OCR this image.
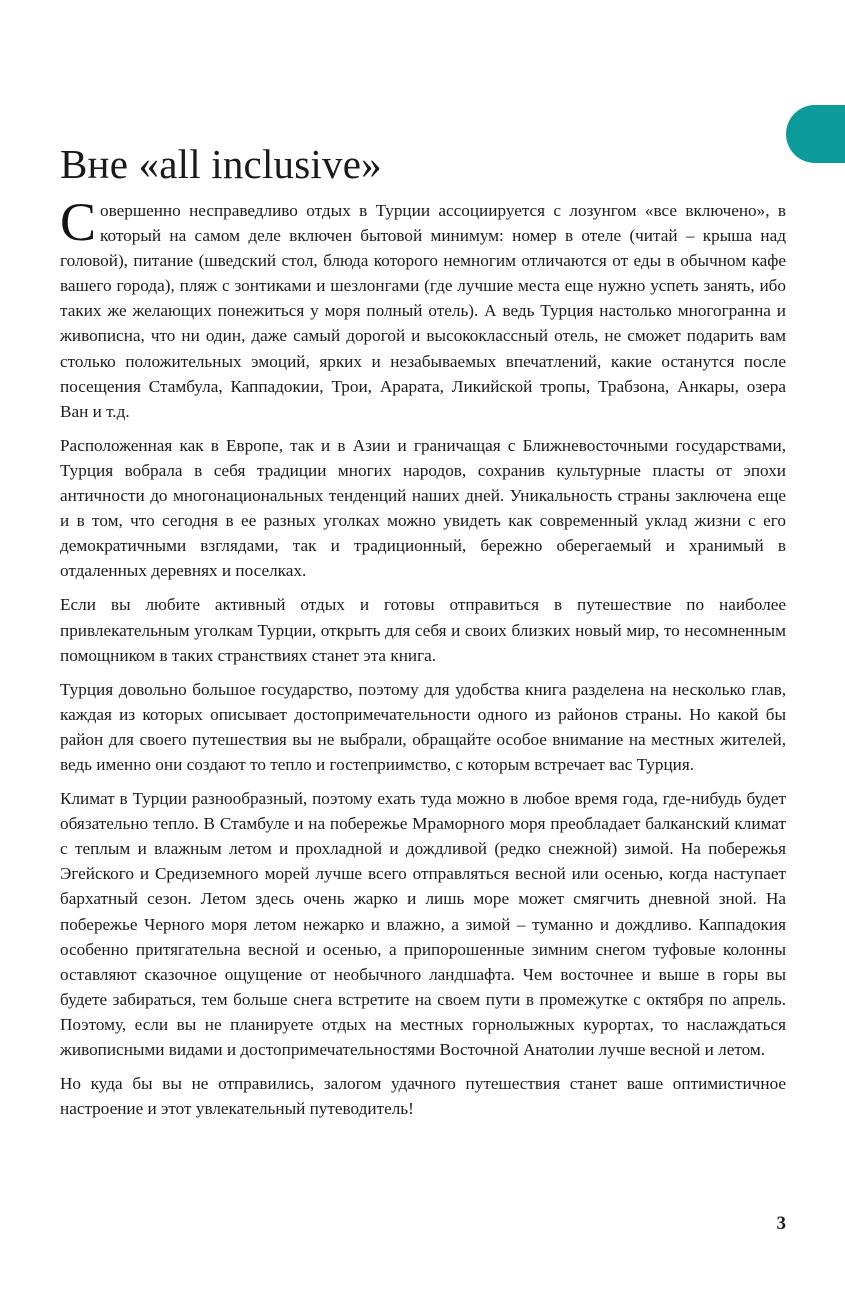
Вне «all inclusive»

Совершенно несправедливо отдых в Турции ассоциируется с лозунгом «все включено», в который на самом деле включен бытовой минимум: номер в отеле (читай – крыша над головой), питание (шведский стол, блюда которого немногим отличаются от еды в обычном кафе вашего города), пляж с зонтиками и шезлонгами (где лучшие места еще нужно успеть занять, ибо таких же желающих понежиться у моря полный отель). А ведь Турция настолько многогранна и живописна, что ни один, даже самый дорогой и высококлассный отель, не сможет подарить вам столько положительных эмоций, ярких и незабываемых впечатлений, какие останутся после посещения Стамбула, Каппадокии, Трои, Арарата, Ликийской тропы, Трабзона, Анкары, озера Ван и т.д.

Расположенная как в Европе, так и в Азии и граничащая с Ближневосточными государствами, Турция вобрала в себя традиции многих народов, сохранив культурные пласты от эпохи античности до многонациональных тенденций наших дней. Уникальность страны заключена еще и в том, что сегодня в ее разных уголках можно увидеть как современный уклад жизни с его демократичными взглядами, так и традиционный, бережно оберегаемый и хранимый в отдаленных деревнях и поселках.

Если вы любите активный отдых и готовы отправиться в путешествие по наиболее привлекательным уголкам Турции, открыть для себя и своих близких новый мир, то несомненным помощником в таких странствиях станет эта книга.

Турция довольно большое государство, поэтому для удобства книга разделена на несколько глав, каждая из которых описывает достопримечательности одного из районов страны. Но какой бы район для своего путешествия вы не выбрали, обращайте особое внимание на местных жителей, ведь именно они создают то тепло и гостеприимство, с которым встречает вас Турция.

Климат в Турции разнообразный, поэтому ехать туда можно в любое время года, где-нибудь будет обязательно тепло. В Стамбуле и на побережье Мраморного моря преобладает балканский климат с теплым и влажным летом и прохладной и дождливой (редко снежной) зимой. На побережья Эгейского и Средиземного морей лучше всего отправляться весной или осенью, когда наступает бархатный сезон. Летом здесь очень жарко и лишь море может смягчить дневной зной. На побережье Черного моря летом нежарко и влажно, а зимой – туманно и дождливо. Каппадокия особенно притягательна весной и осенью, а припорошенные зимним снегом туфовые колонны оставляют сказочное ощущение от необычного ландшафта. Чем восточнее и выше в горы вы будете забираться, тем больше снега встретите на своем пути в промежутке с октября по апрель. Поэтому, если вы не планируете отдых на местных горнолыжных курортах, то наслаждаться живописными видами и достопримечательностями Восточной Анатолии лучше весной и летом.

Но куда бы вы не отправились, залогом удачного путешествия станет ваше оптимистичное настроение и этот увлекательный путеводитель!

3
